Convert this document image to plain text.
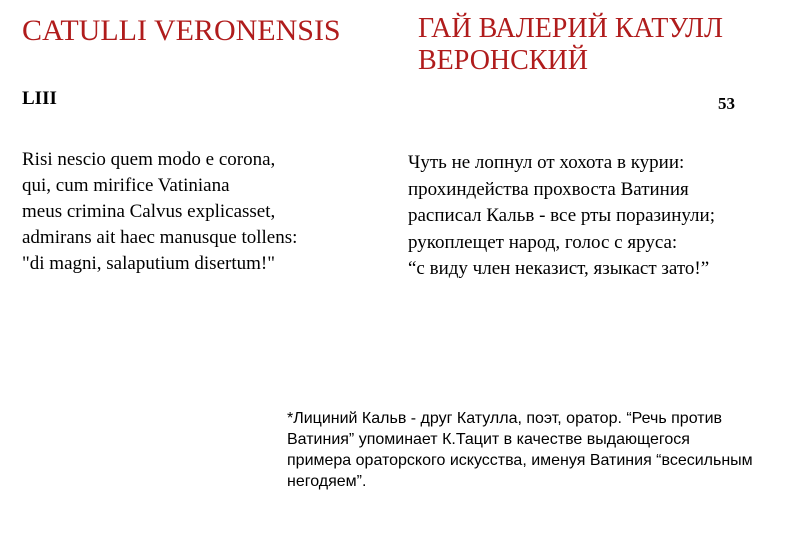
CATULLI VERONENSIS	ГАЙ ВАЛЕРИЙ КАТУЛЛ ВЕРОНСКИЙ
LIII	53
Risi nescio quem modo e corona,
qui, cum mirifice Vatiniana
meus crimina Calvus explicasset,
admirans ait haec manusque tollens:
"di magni, salaputium disertum!"
Чуть не лопнул от хохота в курии:
прохиндейства прохвоста Ватиния
расписал Кальв - все рты поразинули;
рукоплещет народ, голос с яруса:
“с виду член неказист, языкаст зато!”
*Лициний Кальв - друг Катулла, поэт, оратор. “Речь против Ватиния” упоминает К.Тацит в качестве выдающегося примера ораторского искусства, именуя Ватиния “всесильным негодяем”.
